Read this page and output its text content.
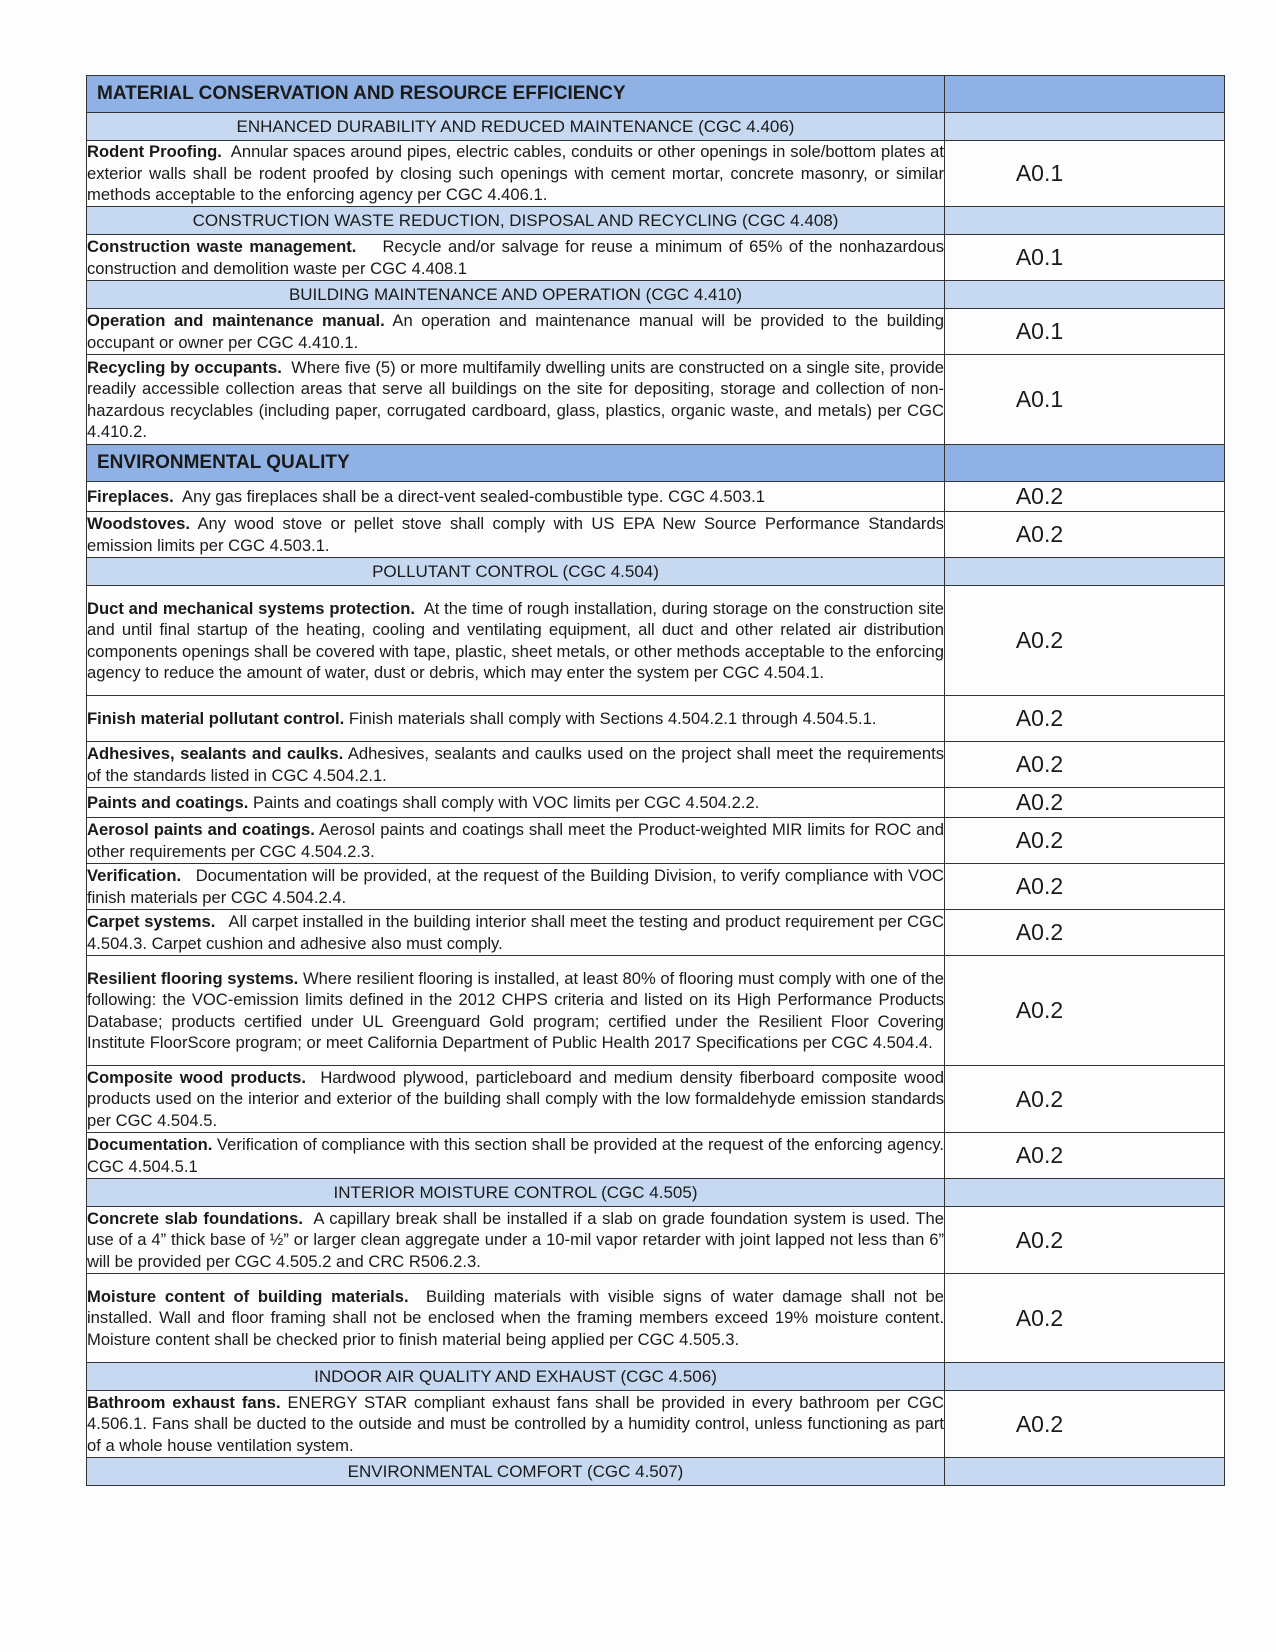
MATERIAL CONSERVATION AND RESOURCE EFFICIENCY	
ENHANCED DURABILITY AND REDUCED MAINTENANCE (CGC 4.406)	
Rodent Proofing. Annular spaces around pipes, electric cables, conduits or other openings in sole/bottom plates at exterior walls shall be rodent proofed by closing such openings with cement mortar, concrete masonry, or similar methods acceptable to the enforcing agency per CGC 4.406.1.	A0.1
CONSTRUCTION WASTE REDUCTION, DISPOSAL AND RECYCLING (CGC 4.408)	
Construction waste management. Recycle and/or salvage for reuse a minimum of 65% of the nonhazardous construction and demolition waste per CGC 4.408.1	A0.1
BUILDING MAINTENANCE AND OPERATION (CGC 4.410)	
Operation and maintenance manual. An operation and maintenance manual will be provided to the building occupant or owner per CGC 4.410.1.	A0.1
Recycling by occupants. Where five (5) or more multifamily dwelling units are constructed on a single site, provide readily accessible collection areas that serve all buildings on the site for depositing, storage and collection of non-hazardous recyclables (including paper, corrugated cardboard, glass, plastics, organic waste, and metals) per CGC 4.410.2.	A0.1
ENVIRONMENTAL QUALITY	
Fireplaces. Any gas fireplaces shall be a direct-vent sealed-combustible type. CGC 4.503.1	A0.2
Woodstoves. Any wood stove or pellet stove shall comply with US EPA New Source Performance Standards emission limits per CGC 4.503.1.	A0.2
POLLUTANT CONTROL (CGC 4.504)	
Duct and mechanical systems protection. At the time of rough installation, during storage on the construction site and until final startup of the heating, cooling and ventilating equipment, all duct and other related air distribution components openings shall be covered with tape, plastic, sheet metals, or other methods acceptable to the enforcing agency to reduce the amount of water, dust or debris, which may enter the system per CGC 4.504.1.	A0.2
Finish material pollutant control. Finish materials shall comply with Sections 4.504.2.1 through 4.504.5.1.	A0.2
Adhesives, sealants and caulks. Adhesives, sealants and caulks used on the project shall meet the requirements of the standards listed in CGC 4.504.2.1.	A0.2
Paints and coatings. Paints and coatings shall comply with VOC limits per CGC 4.504.2.2.	A0.2
Aerosol paints and coatings. Aerosol paints and coatings shall meet the Product-weighted MIR limits for ROC and other requirements per CGC 4.504.2.3.	A0.2
Verification. Documentation will be provided, at the request of the Building Division, to verify compliance with VOC finish materials per CGC 4.504.2.4.	A0.2
Carpet systems. All carpet installed in the building interior shall meet the testing and product requirement per CGC 4.504.3. Carpet cushion and adhesive also must comply.	A0.2
Resilient flooring systems. Where resilient flooring is installed, at least 80% of flooring must comply with one of the following: the VOC-emission limits defined in the 2012 CHPS criteria and listed on its High Performance Products Database; products certified under UL Greenguard Gold program; certified under the Resilient Floor Covering Institute FloorScore program; or meet California Department of Public Health 2017 Specifications per CGC 4.504.4.	A0.2
Composite wood products. Hardwood plywood, particleboard and medium density fiberboard composite wood products used on the interior and exterior of the building shall comply with the low formaldehyde emission standards per CGC 4.504.5.	A0.2
Documentation. Verification of compliance with this section shall be provided at the request of the enforcing agency. CGC 4.504.5.1	A0.2
INTERIOR MOISTURE CONTROL (CGC 4.505)	
Concrete slab foundations. A capillary break shall be installed if a slab on grade foundation system is used. The use of a 4” thick base of ½” or larger clean aggregate under a 10-mil vapor retarder with joint lapped not less than 6” will be provided per CGC 4.505.2 and CRC R506.2.3.	A0.2
Moisture content of building materials. Building materials with visible signs of water damage shall not be installed. Wall and floor framing shall not be enclosed when the framing members exceed 19% moisture content. Moisture content shall be checked prior to finish material being applied per CGC 4.505.3.	A0.2
INDOOR AIR QUALITY AND EXHAUST (CGC 4.506)	
Bathroom exhaust fans. ENERGY STAR compliant exhaust fans shall be provided in every bathroom per CGC 4.506.1. Fans shall be ducted to the outside and must be controlled by a humidity control, unless functioning as part of a whole house ventilation system.	A0.2
ENVIRONMENTAL COMFORT (CGC 4.507)	
